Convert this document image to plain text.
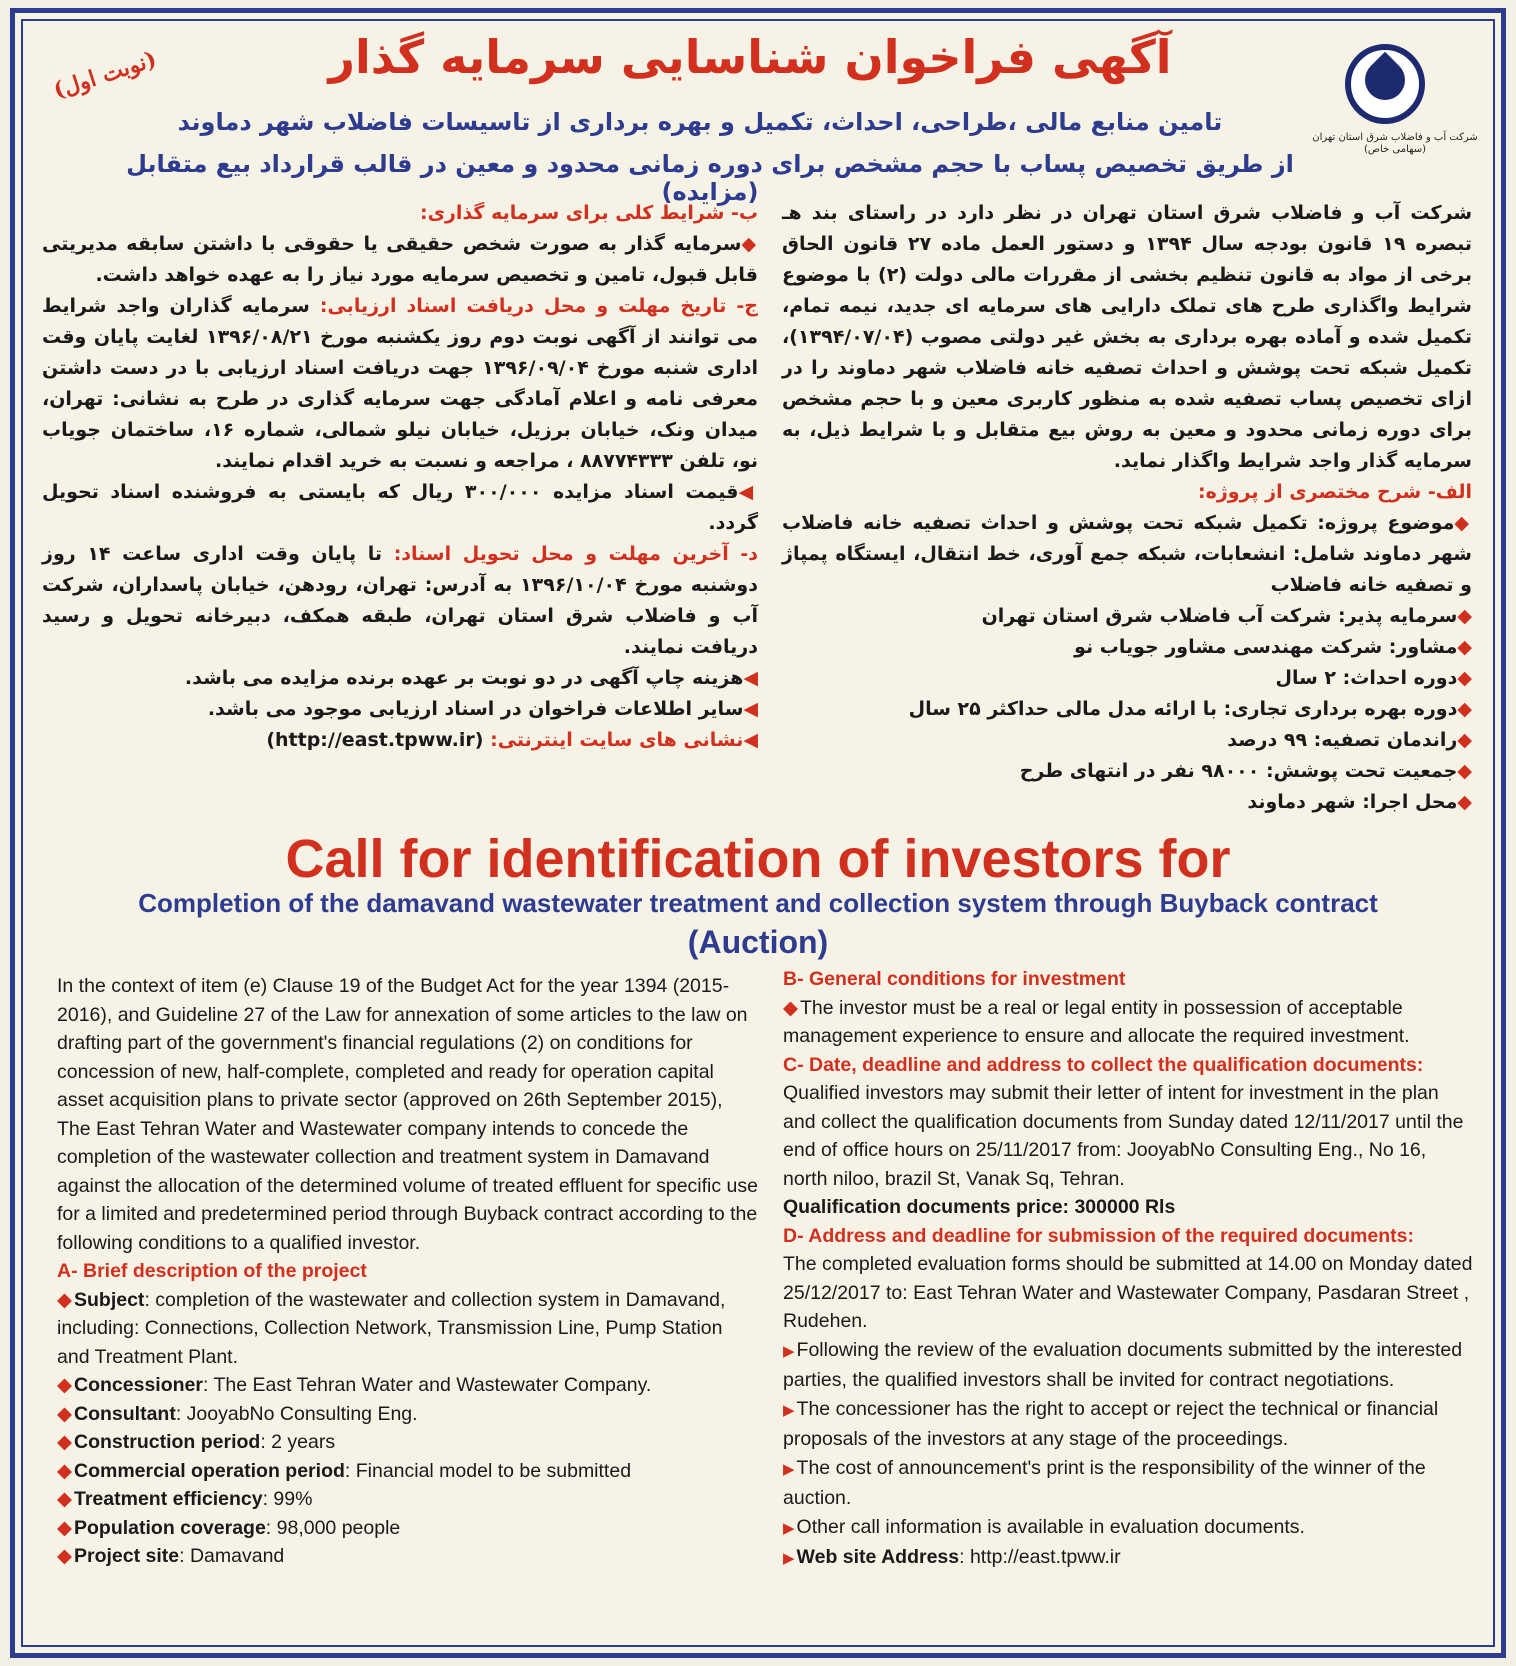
شرکت آب و فاضلاب شرق استان تهران (سهامی خاص)
(نوبت اول)	آگهی فراخوان شناسایی سرمایه گذار
تامین منابع مالی ،طراحی، احداث، تکمیل و بهره برداری از تاسیسات فاضلاب شهر دماوند
از طریق تخصیص پساب با حجم مشخص برای دوره زمانی محدود و معین در قالب قرارداد بیع متقابل (مزایده)

شرکت آب و فاضلاب شرق استان تهران در نظر دارد در راستای بند هـ تبصره ۱۹ قانون بودجه سال ۱۳۹۴ و دستور العمل ماده ۲۷ قانون الحاق برخی از مواد به قانون تنظیم بخشی از مقررات مالی دولت (۲) با موضوع شرایط واگذاری طرح های تملک دارایی های سرمایه ای جدید، نیمه تمام، تکمیل شده و آماده بهره برداری به بخش غیر دولتی مصوب (۱۳۹۴/۰۷/۰۴)، تکمیل شبکه تحت پوشش و احداث تصفیه خانه فاضلاب شهر دماوند را در ازای تخصیص پساب تصفیه شده به منظور کاربری معین و با حجم مشخص برای دوره زمانی محدود و معین به روش بیع متقابل و با شرایط ذیل، به سرمایه گذار واجد شرایط واگذار نماید.

الف- شرح مختصری از پروژه:

◆ موضوع پروژه: تکمیل شبکه تحت پوشش و احداث تصفیه خانه فاضلاب شهر دماوند شامل: انشعابات، شبکه جمع آوری، خط انتقال، ایستگاه پمپاژ و تصفیه خانه فاضلاب

◆ سرمایه پذیر: شرکت آب فاضلاب شرق استان تهران

◆ مشاور: شرکت مهندسی مشاور جویاب نو

◆ دوره احداث: ۲ سال

◆ دوره بهره برداری تجاری: با ارائه مدل مالی حداکثر ۲۵ سال

◆ راندمان تصفیه: ۹۹ درصد

◆ جمعیت تحت پوشش: ۹۸۰۰۰ نفر در انتهای طرح

◆ محل اجرا: شهر دماوند

ب- شرایط کلی برای سرمایه گذاری:

◆ سرمایه گذار به صورت شخص حقیقی یا حقوقی با داشتن سابقه مدیریتی قابل قبول، تامین و تخصیص سرمایه مورد نیاز را به عهده خواهد داشت.

ج- تاریخ مهلت و محل دریافت اسناد ارزیابی: سرمایه گذاران واجد شرایط می توانند از آگهی نوبت دوم روز یکشنبه مورخ ۱۳۹۶/۰۸/۲۱ لغایت پایان وقت اداری شنبه مورخ ۱۳۹۶/۰۹/۰۴ جهت دریافت اسناد ارزیابی با در دست داشتن معرفی نامه و اعلام آمادگی جهت سرمایه گذاری در طرح به نشانی: تهران، میدان ونک، خیابان برزیل، خیابان نیلو شمالی، شماره ۱۶، ساختمان جویاب نو، تلفن ۸۸۷۷۴۳۳۳ ، مراجعه و نسبت به خرید اقدام نمایند.

◀ قیمت اسناد مزایده ۳۰۰/۰۰۰ ریال که بایستی به فروشنده اسناد تحویل گردد.

د- آخرین مهلت و محل تحویل اسناد: تا پایان وقت اداری ساعت ۱۴ روز دوشنبه مورخ ۱۳۹۶/۱۰/۰۴ به آدرس: تهران، رودهن، خیابان پاسداران، شرکت آب و فاضلاب شرق استان تهران، طبقه همکف، دبیرخانه تحویل و رسید دریافت نمایند.

◀ هزینه چاپ آگهی در دو نوبت بر عهده برنده مزایده می باشد.

◀ سایر اطلاعات فراخوان در اسناد ارزیابی موجود می باشد.

◀ نشانی های سایت اینترنتی: (http://east.tpww.ir)

Call for identification of investors for
Completion of the damavand wastewater treatment and collection system through Buyback contract
(Auction)

In the context of item (e) Clause 19 of the Budget Act for the year 1394 (2015-2016), and Guideline 27 of the Law for annexation of some articles to the law on drafting part of the government's financial regulations (2) on conditions for concession of new, half-complete, completed and ready for operation capital asset acquisition plans to private sector (approved on 26th September 2015), The East Tehran Water and Wastewater company intends to concede the completion of the wastewater collection and treatment system in Damavand against the allocation of the determined volume of treated effluent for specific use for a limited and predetermined period through Buyback contract according to the following conditions to a qualified investor.

A- Brief description of the project

◆ Subject: completion of the wastewater and collection system in Damavand, including: Connections, Collection Network, Transmission Line, Pump Station and Treatment Plant.

◆ Concessioner: The East Tehran Water and Wastewater Company.

◆ Consultant: JooyabNo Consulting Eng.

◆ Construction period: 2 years

◆ Commercial operation period: Financial model to be submitted

◆ Treatment efficiency: 99%

◆ Population coverage: 98,000 people

◆ Project site: Damavand

B- General conditions for investment

◆ The investor must be a real or legal entity in possession of acceptable management experience to ensure and allocate the required investment.

C- Date, deadline and address to collect the qualification documents: Qualified investors may submit their letter of intent for investment in the plan and collect the qualification documents from Sunday dated 12/11/2017 until the end of office hours on 25/11/2017 from: JooyabNo Consulting Eng., No 16, north niloo, brazil St, Vanak Sq, Tehran.

Qualification documents price: 300000 Rls

D- Address and deadline for submission of the required documents:

The completed evaluation forms should be submitted at 14.00 on Monday dated 25/12/2017 to: East Tehran Water and Wastewater Company, Pasdaran Street , Rudehen.

▶ Following the review of the evaluation documents submitted by the interested parties, the qualified investors shall be invited for contract negotiations.

▶ The concessioner has the right to accept or reject the technical or financial proposals of the investors at any stage of the proceedings.

▶ The cost of announcement's print is the responsibility of the winner of the auction.

▶ Other call information is available in evaluation documents.

▶ Web site Address: http://east.tpww.ir
